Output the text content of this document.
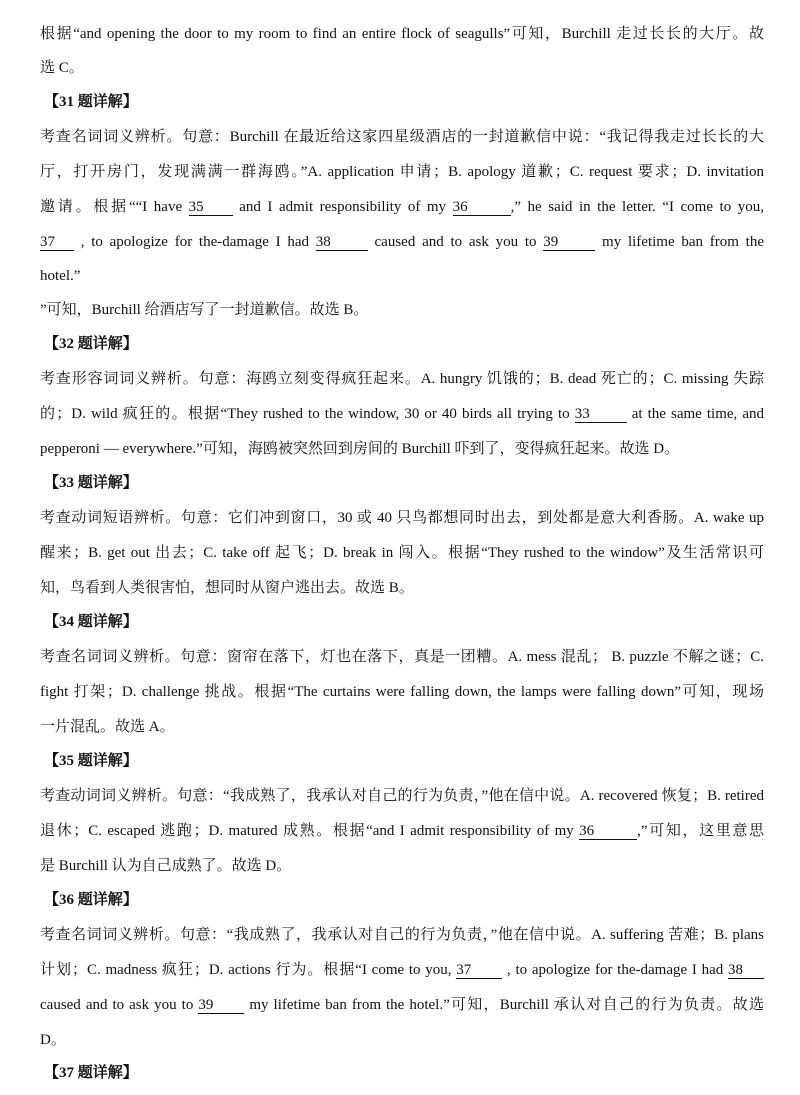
根据“and opening the door to my room to find an entire flock of seagulls”可知，Burchill 走过长长的大厅。故
选 C。
【31 题详解】
考查名词词义辨析。句意：Burchill 在最近给这家四星级酒店的一封道歉信中说：“我记得我走过长长的大
厅，打开房门，发现满满一群海鸥。”A. application 申请；B. apology 道歉；C. request 要求；D. invitation
邀请。根据““I have 35 and I admit responsibility of my 36	,” he said in the letter. “I come to you,
37 , to apologize for the-damage I had 38 caused and to ask you to 39 my lifetime ban from the
hotel.”
”可知，Burchill 给酒店写了一封道歉信。故选 B。
【32 题详解】
考查形容词词义辨析。句意：海鸥立刻变得疯狂起来。A. hungry 饥饿的；B. dead 死亡的；C. missing 失踪
的；D. wild 疯狂的。根据“They rushed to the window, 30 or 40 birds all trying to 33 at the same time, and
pepperoni — everywhere.”可知，海鸥被突然回到房间的 Burchill 吓到了，变得疯狂起来。故选 D。
【33 题详解】
考查动词短语辨析。句意：它们冲到窗口，30 或 40 只鸟都想同时出去，到处都是意大利香肠。A. wake up
醒来；B. get out 出去；C. take off 起飞；D. break in 闯入。根据“They rushed to the window”及生活常识可
知，鸟看到人类很害怕，想同时从窗户逃出去。故选 B。
【34 题详解】
考查名词词义辨析。句意：窗帘在落下，灯也在落下，真是一团糟。A. mess 混乱； B. puzzle 不解之谜；C.
fight 打架；D. challenge 挑战。根据“The curtains were falling down, the lamps were falling down”可知，现场
一片混乱。故选 A。
【35 题详解】
考查动词词义辨析。句意：“我成熟了，我承认对自己的行为负责，”他在信中说。A. recovered 恢复；B. retired
退休；C. escaped 逃跑；D. matured 成熟。根据“and I admit responsibility of my 36	,”可知，这里意思
是 Burchill 认为自己成熟了。故选 D。
【36 题详解】
考查名词词义辨析。句意：“我成熟了，我承认对自己的行为负责，”他在信中说。A. suffering 苦难；B. plans
计划；C. madness 疯狂；D. actions 行为。根据“I come to you, 37 , to apologize for the-damage I had 38
caused and to ask you to 39 my lifetime ban from the hotel.”可知，Burchill 承认对自己的行为负责。故选
D。
【37 题详解】
